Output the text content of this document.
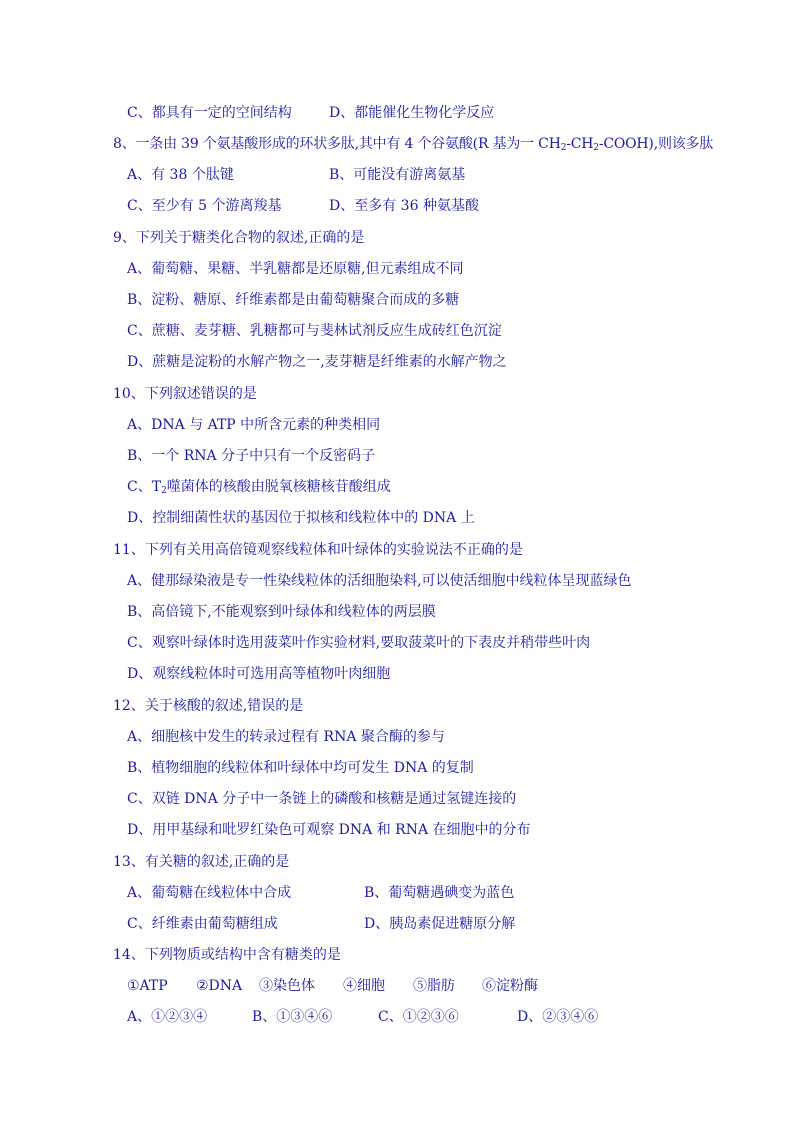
C、都具有一定的空间结构	D、都能催化生物化学反应
8、一条由 39 个氨基酸形成的环状多肽,其中有 4 个谷氨酸(R 基为一 $CH_2-CH_2-COOH$),则该多肽
A、有 38 个肽键	B、可能没有游离氨基
C、至少有 5 个游离羧基	D、至多有 36 种氨基酸
9、下列关于糖类化合物的叙述,正确的是
A、葡萄糖、果糖、半乳糖都是还原糖,但元素组成不同
B、淀粉、糖原、纤维素都是由葡萄糖聚合而成的多糖
C、蔗糖、麦芽糖、乳糖都可与斐林试剂反应生成砖红色沉淀
D、蔗糖是淀粉的水解产物之一,麦芽糖是纤维素的水解产物之
10、下列叙述错误的是
A、DNA 与 ATP 中所含元素的种类相同
B、一个 RNA 分子中只有一个反密码子
C、$T_2$噬菌体的核酸由脱氧核糖核苷酸组成
D、控制细菌性状的基因位于拟核和线粒体中的 DNA 上
11、下列有关用高倍镜观察线粒体和叶绿体的实验说法不正确的是
A、健那绿染液是专一性染线粒体的活细胞染料,可以使活细胞中线粒体呈现蓝绿色
B、高倍镜下,不能观察到叶绿体和线粒体的两层膜
C、观察叶绿体时选用菠菜叶作实验材料,要取菠菜叶的下表皮并稍带些叶肉
D、观察线粒体时可选用高等植物叶肉细胞
12、关于核酸的叙述,错误的是
A、细胞核中发生的转录过程有 RNA 聚合酶的参与
B、植物细胞的线粒体和叶绿体中均可发生 DNA 的复制
C、双链 DNA 分子中一条链上的磷酸和核糖是通过氢键连接的
D、用甲基绿和吡罗红染色可观察 DNA 和 RNA 在细胞中的分布
13、有关糖的叙述,正确的是
A、葡萄糖在线粒体中合成	B、葡萄糖遇碘变为蓝色
C、纤维素由葡萄糖组成	D、胰岛素促进糖原分解
14、下列物质或结构中含有糖类的是
①ATP ②DNA ③染色体 ④细胞 ⑤脂肪 ⑥淀粉酶
A、①②③④	B、①③④⑥	C、①②③⑥	D、②③④⑥
